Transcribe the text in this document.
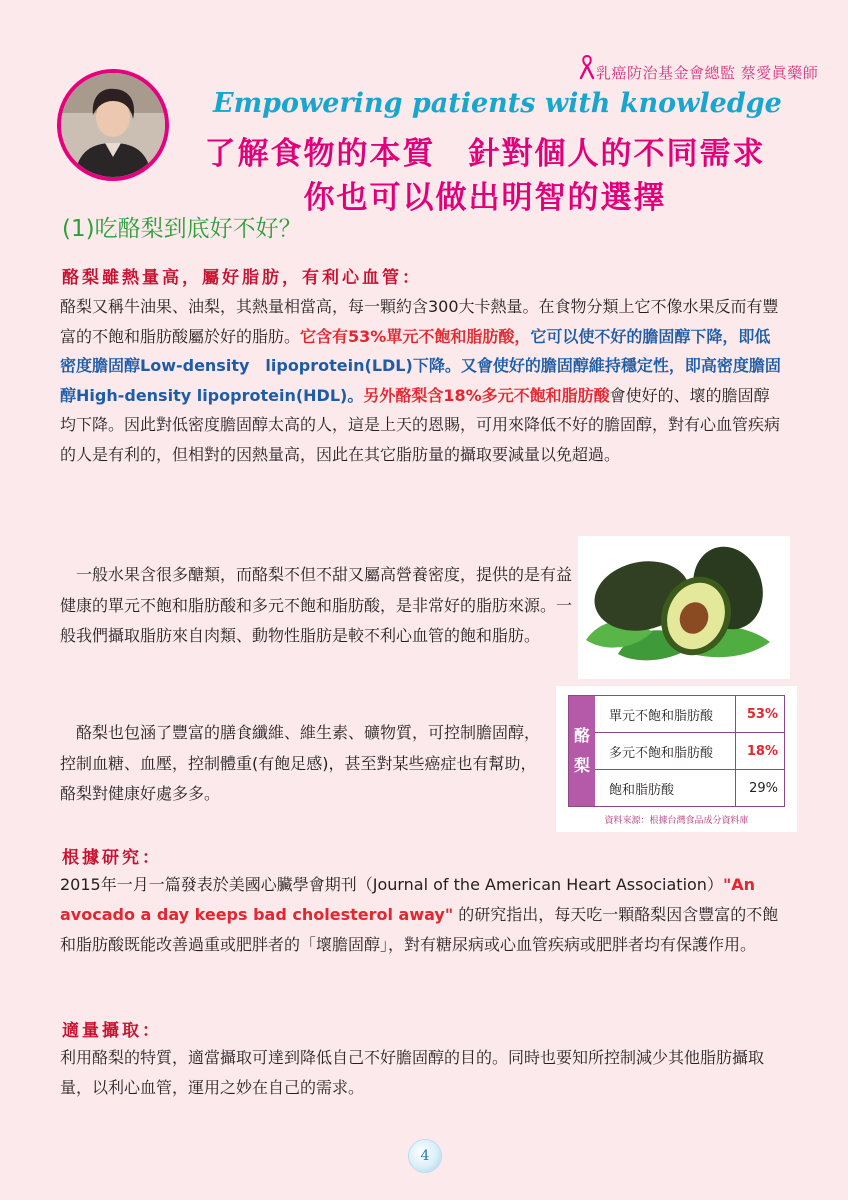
乳癌防治基金會總監 蔡愛眞藥師
Empowering patients with knowledge
了解食物的本質　針對個人的不同需求
你也可以做出明智的選擇
(1)吃酪梨到底好不好？
酪梨雖熱量高，屬好脂肪，有利心血管：

酪梨又稱牛油果、油梨，其熱量相當高，每一顆約含300大卡熱量。在食物分類上它不像水果反而有豐富的不飽和脂肪酸屬於好的脂肪。它含有53%單元不飽和脂肪酸，它可以使不好的膽固醇下降，即低密度膽固醇Low-density　lipoprotein(LDL)下降。又會使好的膽固醇維持穩定性，即高密度膽固醇High-density lipoprotein(HDL)。另外酪梨含18%多元不飽和脂肪酸會使好的、壞的膽固醇均下降。因此對低密度膽固醇太高的人，這是上天的恩賜，可用來降低不好的膽固醇，對有心血管疾病的人是有利的，但相對的因熱量高，因此在其它脂肪量的攝取要減量以免超過。

一般水果含很多醣類，而酪梨不但不甜又屬高營養密度，提供的是有益健康的單元不飽和脂肪酸和多元不飽和脂肪酸，是非常好的脂肪來源。一般我們攝取脂肪來自肉類、動物性脂肪是較不利心血管的飽和脂肪。

酪
梨
單元不飽和脂肪酸	53%
多元不飽和脂肪酸	18%
飽和脂肪酸	29%
資料來源：根據台灣食品成分資料庫

酪梨也包涵了豐富的膳食纖維、維生素、礦物質，可控制膽固醇，控制血糖、血壓，控制體重(有飽足感)，甚至對某些癌症也有幫助，酪梨對健康好處多多。

根據研究：

2015年一月一篇發表於美國心臟學會期刊（Journal of the American Heart Association）"An avocado a day keeps bad cholesterol away" 的研究指出，每天吃一顆酪梨因含豐富的不飽和脂肪酸既能改善過重或肥胖者的「壞膽固醇」，對有糖尿病或心血管疾病或肥胖者均有保護作用。

適量攝取：

利用酪梨的特質，適當攝取可達到降低自己不好膽固醇的目的。同時也要知所控制減少其他脂肪攝取量，以利心血管，運用之妙在自己的需求。

4
